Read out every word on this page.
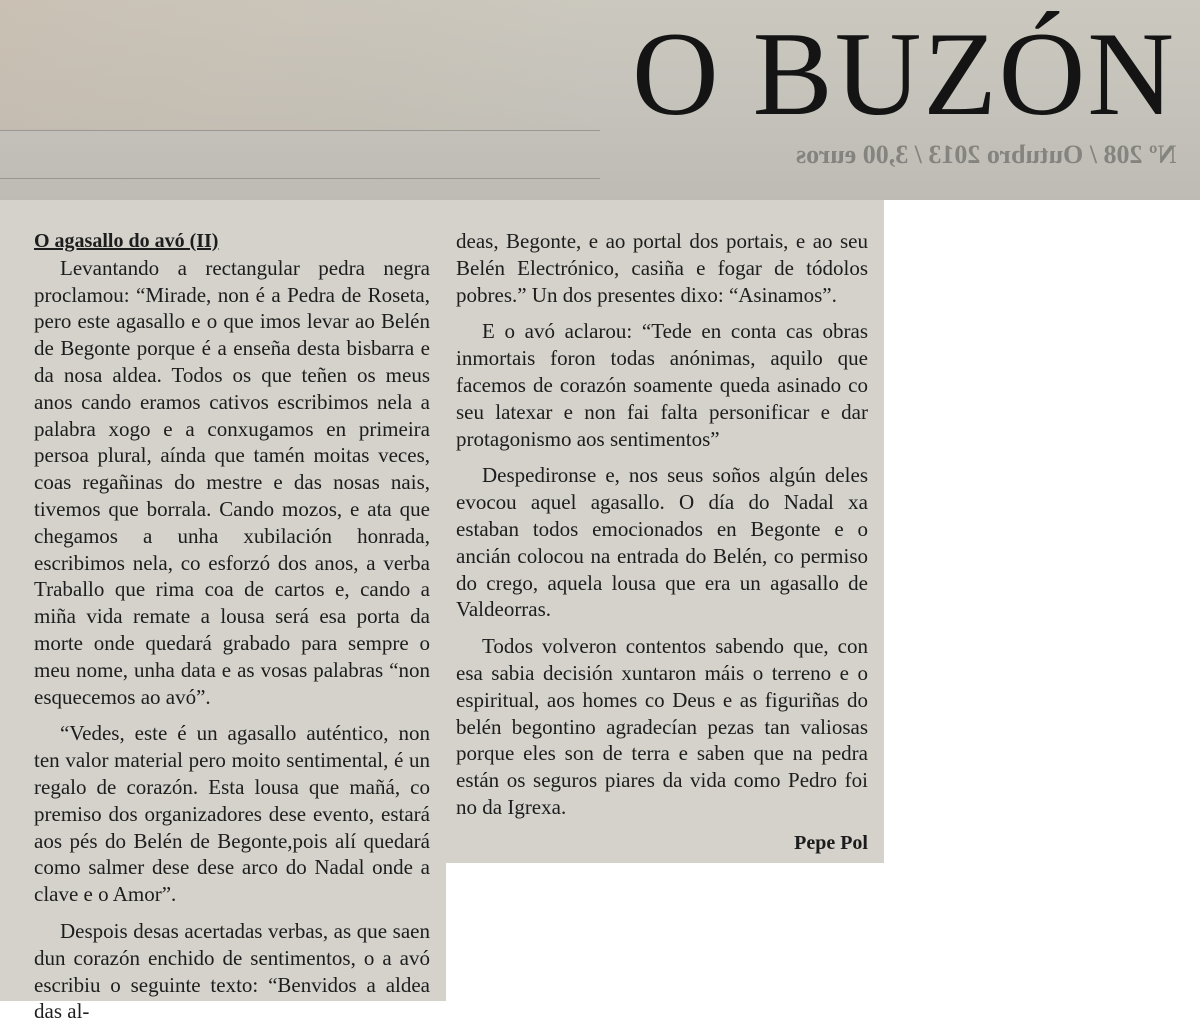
O BUZÓN
Nº 208 / Outubro 2013 / 3,00 euros

O agasallo do avó (II)
Levantando a rectangular pedra negra proclamou: “Mirade, non é a Pedra de Roseta, pero este agasallo e o que imos levar ao Belén de Begonte porque é a enseña desta bisbarra e da nosa aldea. Todos os que teñen os meus anos cando eramos cativos escribimos nela a palabra xogo e a conxugamos en primeira persoa plural, aínda que tamén moitas veces, coas regañinas do mestre e das nosas nais, tivemos que borrala. Cando mozos, e ata que chegamos a unha xubilación honrada, escribimos nela, co esforzó dos anos, a verba Traballo que rima coa de cartos e, cando a miña vida remate a lousa será esa porta da morte onde quedará grabado para sempre o meu nome, unha data e as vosas palabras “non esquecemos ao avó”.

“Vedes, este é un agasallo auténtico, non ten valor material pero moito sentimental, é un regalo de corazón. Esta lousa que mañá, co premiso dos organizadores dese evento, estará aos pés do Belén de Begonte,pois alí quedará como salmer dese dese arco do Nadal onde a clave e o Amor”.

Despois desas acertadas verbas, as que saen dun corazón enchido de sentimentos, o a avó escribiu o seguinte texto: “Benvidos a aldea das al-

deas, Begonte, e ao portal dos portais, e ao seu Belén Electrónico, casiña e fogar de tódolos pobres.” Un dos presentes dixo: “Asinamos”.

E o avó aclarou: “Tede en conta cas obras inmortais foron todas anónimas, aquilo que facemos de corazón soamente queda asinado co seu latexar e non fai falta personificar e dar protagonismo aos sentimentos”

Despedironse e, nos seus soños algún deles evocou aquel agasallo. O día do Nadal xa estaban todos emocionados en Begonte e o ancián colocou na entrada do Belén, co permiso do crego, aquela lousa que era un agasallo de Valdeorras.

Todos volveron contentos sabendo que, con esa sabia decisión xuntaron máis o terreno e o espiritual, aos homes co Deus e as figuriñas do belén begontino agradecían pezas tan valiosas porque eles son de terra e saben que na pedra están os seguros piares da vida como Pedro foi no da Igrexa.

Pepe Pol
